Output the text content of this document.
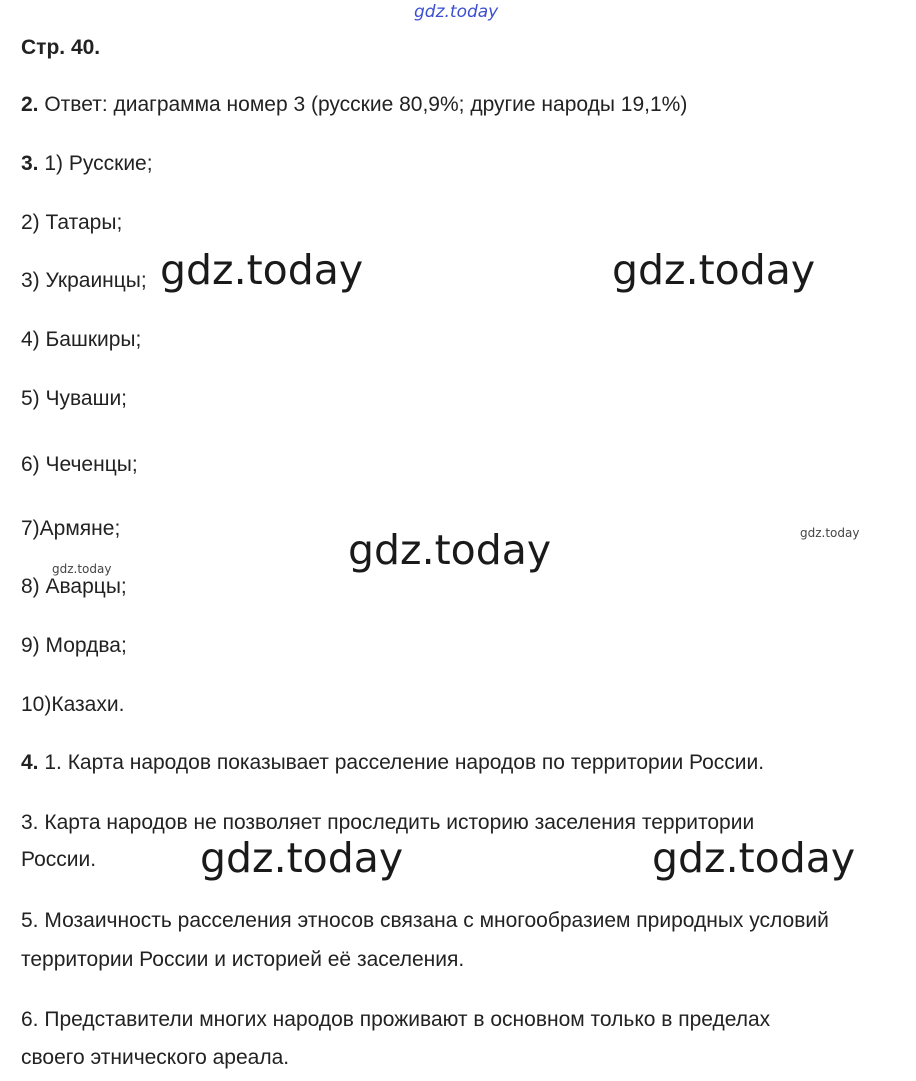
Стр. 40.
2. Ответ: диаграмма номер 3 (русские 80,9%; другие народы 19,1%)
3. 1) Русские;
2) Татары;
3) Украинцы;
4) Башкиры;
5) Чуваши;
6) Чеченцы;
7)Армяне;
8) Аварцы;
9) Мордва;
10)Казахи.
4. 1. Карта народов показывает расселение народов по территории России.
3. Карта народов не позволяет проследить историю заселения территории
России.
5. Мозаичность расселения этносов связана с многообразием природных условий
территории России и историей её заселения.
6. Представители многих народов проживают в основном только в пределах
своего этнического ареала.
gdz.today
gdz.today	gdz.today
gdz.today
gdz.today	gdz.today
gdz.today
gdz.today
